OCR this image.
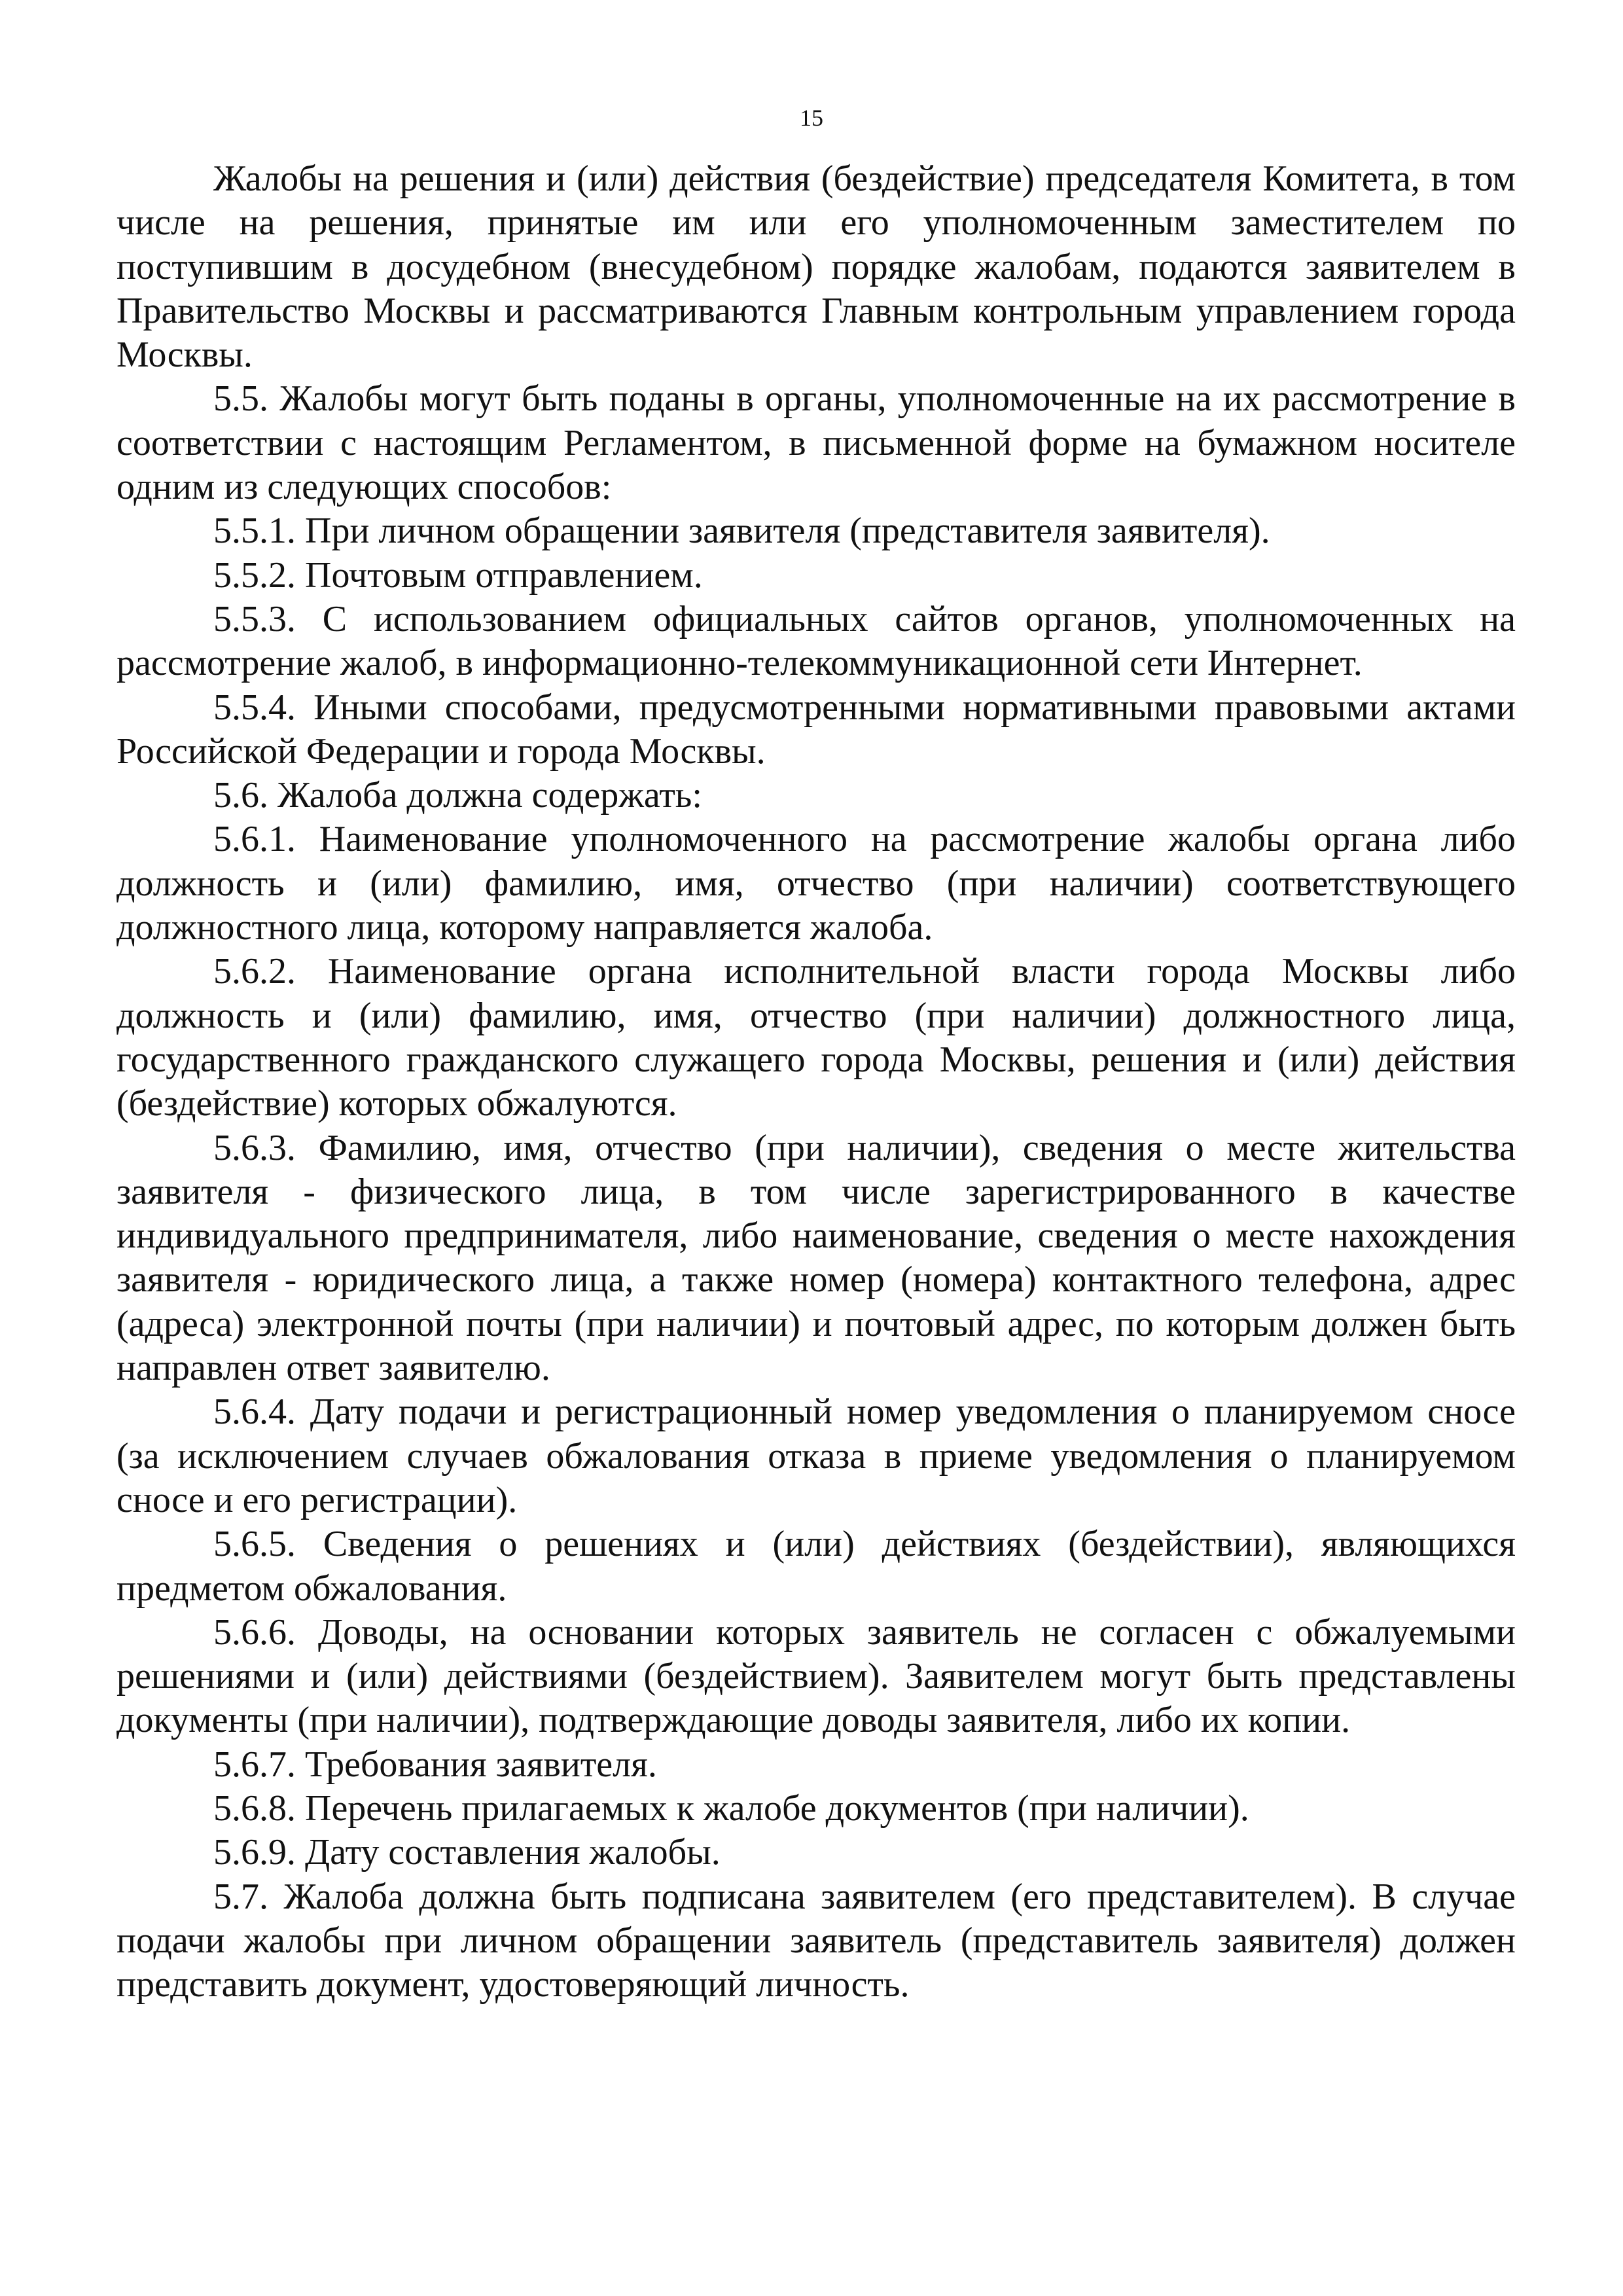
15

Жалобы на решения и (или) действия (бездействие) председателя Комитета, в том числе на решения, принятые им или его уполномоченным заместителем по поступившим в досудебном (внесудебном) порядке жалобам, подаются заявителем в Правительство Москвы и рассматриваются Главным контрольным управлением города Москвы.

5.5. Жалобы могут быть поданы в органы, уполномоченные на их рассмотрение в соответствии с настоящим Регламентом, в письменной форме на бумажном носителе одним из следующих способов:

5.5.1. При личном обращении заявителя (представителя заявителя).

5.5.2. Почтовым отправлением.

5.5.3. С использованием официальных сайтов органов, уполномоченных на рассмотрение жалоб, в информационно-телекоммуникационной сети Интернет.

5.5.4. Иными способами, предусмотренными нормативными правовыми актами Российской Федерации и города Москвы.

5.6. Жалоба должна содержать:

5.6.1. Наименование уполномоченного на рассмотрение жалобы органа либо должность и (или) фамилию, имя, отчество (при наличии) соответствующего должностного лица, которому направляется жалоба.

5.6.2. Наименование органа исполнительной власти города Москвы либо должность и (или) фамилию, имя, отчество (при наличии) должностного лица, государственного гражданского служащего города Москвы, решения и (или) действия (бездействие) которых обжалуются.

5.6.3. Фамилию, имя, отчество (при наличии), сведения о месте жительства заявителя - физического лица, в том числе зарегистрированного в качестве индивидуального предпринимателя, либо наименование, сведения о месте нахождения заявителя - юридического лица, а также номер (номера) контактного телефона, адрес (адреса) электронной почты (при наличии) и почтовый адрес, по которым должен быть направлен ответ заявителю.

5.6.4. Дату подачи и регистрационный номер уведомления о планируемом сносе (за исключением случаев обжалования отказа в приеме уведомления о планируемом сносе и его регистрации).

5.6.5. Сведения о решениях и (или) действиях (бездействии), являющихся предметом обжалования.

5.6.6. Доводы, на основании которых заявитель не согласен с обжалуемыми решениями и (или) действиями (бездействием). Заявителем могут быть представлены документы (при наличии), подтверждающие доводы заявителя, либо их копии.

5.6.7. Требования заявителя.

5.6.8. Перечень прилагаемых к жалобе документов (при наличии).

5.6.9. Дату составления жалобы.

5.7. Жалоба должна быть подписана заявителем (его представителем). В случае подачи жалобы при личном обращении заявитель (представитель заявителя) должен представить документ, удостоверяющий личность.
